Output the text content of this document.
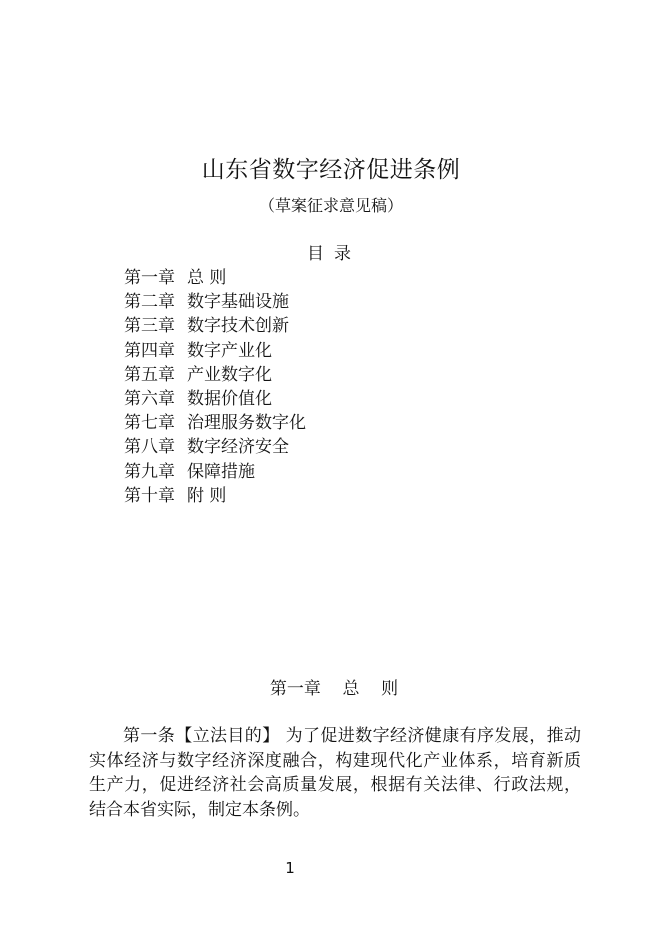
山东省数字经济促进条例
（草案征求意见稿）
目录
第一章 总 则
第二章 数字基础设施
第三章 数字技术创新
第四章 数字产业化
第五章 产业数字化
第六章 数据价值化
第七章 治理服务数字化
第八章 数字经济安全
第九章 保障措施
第十章 附 则
第一章    总    则

第一条【立法目的】 为了促进数字经济健康有序发展，推动实体经济与数字经济深度融合，构建现代化产业体系，培育新质生产力，促进经济社会高质量发展，根据有关法律、行政法规，结合本省实际，制定本条例。

1
